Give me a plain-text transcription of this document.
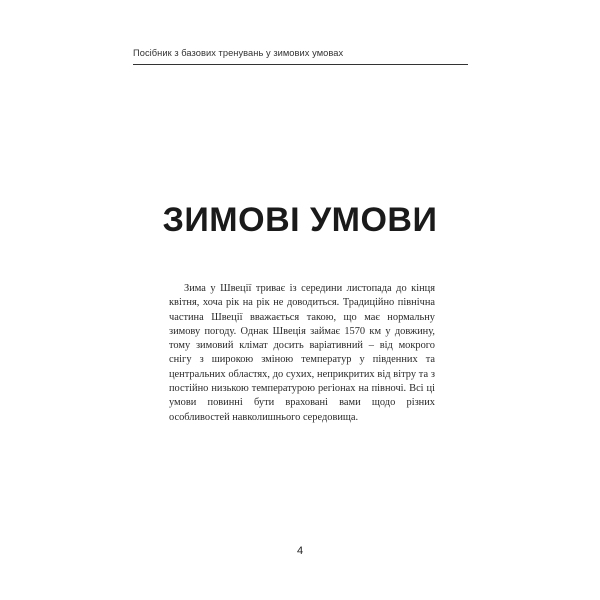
Посібник з базових тренувань у зимових умовах
ЗИМОВІ УМОВИ

Зима у Швеції триває із середини листопада до кінця квітня, хоча рік на рік не доводиться. Традиційно північна частина Швеції вважається такою, що має нормальну зимову погоду. Однак Швеція займає 1570 км у довжину, тому зимовий клімат досить варіативний – від мокрого снігу з широкою зміною температур у південних та центральних областях, до сухих, неприкритих від вітру та з постійно низькою температурою регіонах на півночі. Всі ці умови повинні бути враховані вами щодо різних особливостей навколишнього середовища.

4
